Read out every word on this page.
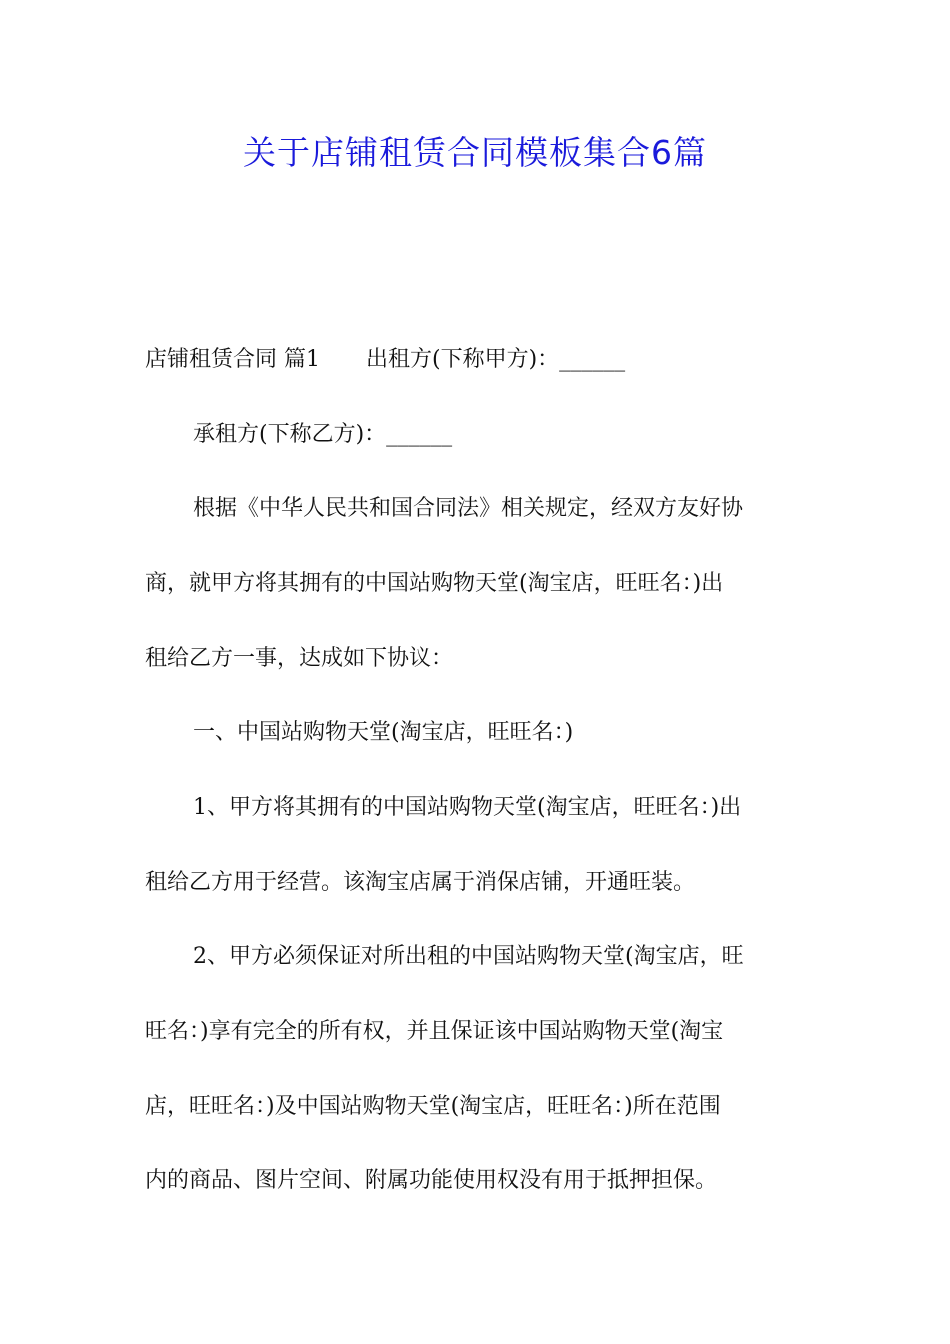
关于店铺租赁合同模板集合6篇
店铺租赁合同 篇1 出租方(下称甲方)：______
承租方(下称乙方)：______
根据《中华人民共和国合同法》相关规定，经双方友好协
商，就甲方将其拥有的中国站购物天堂(淘宝店，旺旺名：)出
租给乙方一事，达成如下协议：
一、中国站购物天堂(淘宝店，旺旺名：)
1、甲方将其拥有的中国站购物天堂(淘宝店，旺旺名：)出
租给乙方用于经营。该淘宝店属于消保店铺，开通旺装。
2、甲方必须保证对所出租的中国站购物天堂(淘宝店，旺
旺名：)享有完全的所有权，并且保证该中国站购物天堂(淘宝
店，旺旺名：)及中国站购物天堂(淘宝店，旺旺名：)所在范围
内的商品、图片空间、附属功能使用权没有用于抵押担保。
